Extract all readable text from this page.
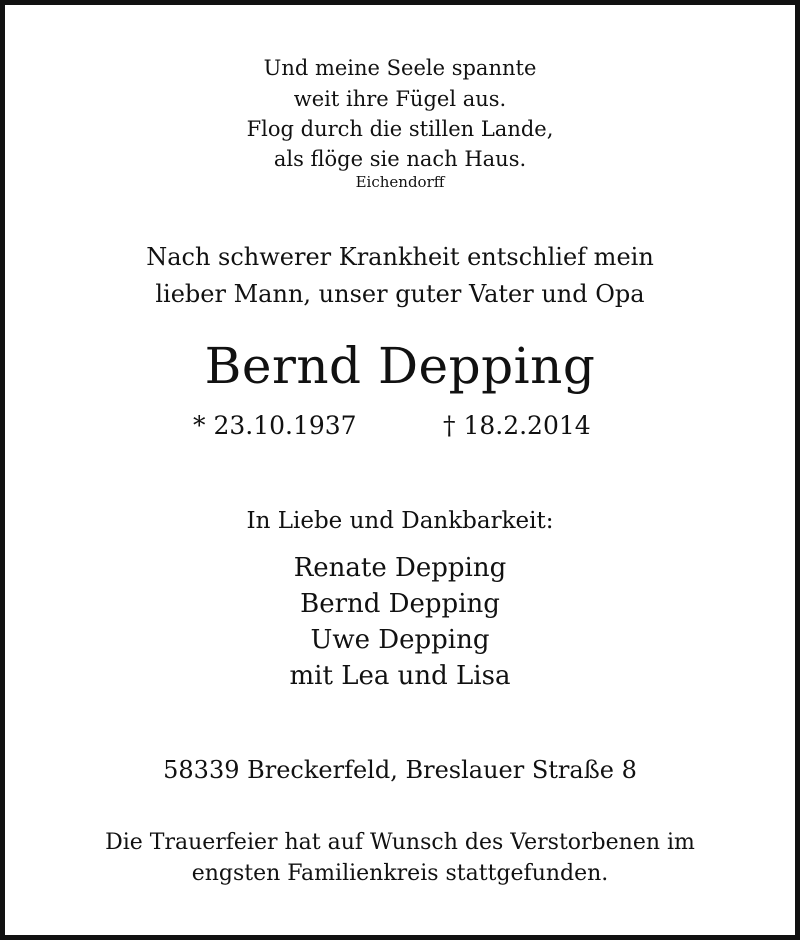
Und meine Seele spannte
weit ihre Fügel aus.
Flog durch die stillen Lande,
als flöge sie nach Haus.
Eichendorff
Nach schwerer Krankheit entschlief mein
lieber Mann, unser guter Vater und Opa
Bernd Depping
* 23.10.1937	† 18.2.2014
In Liebe und Dankbarkeit:
Renate Depping
Bernd Depping
Uwe Depping
mit Lea und Lisa
58339 Breckerfeld, Breslauer Straße 8
Die Trauerfeier hat auf Wunsch des Verstorbenen im
engsten Familienkreis stattgefunden.
